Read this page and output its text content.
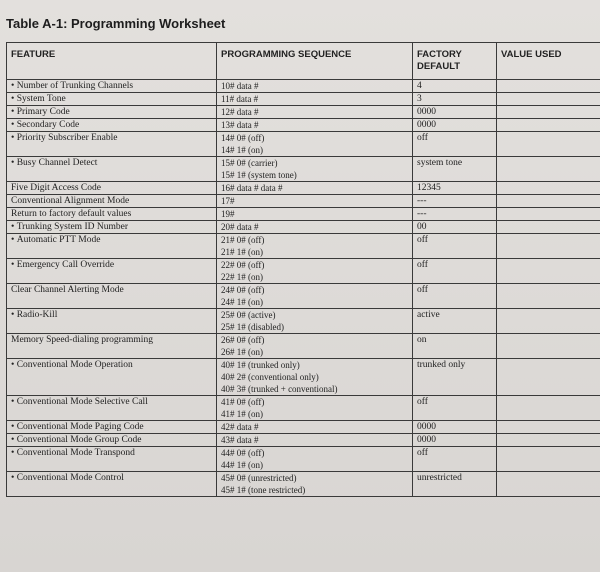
Table A-1: Programming Worksheet
FEATURE	PROGRAMMING SEQUENCE	FACTORY
DEFAULT	VALUE USED
• Number of Trunking Channels	10# data #	4	
• System Tone	11# data #	3	
• Primary Code	12# data #	0000	
• Secondary Code	13# data #	0000	
• Priority Subscriber Enable	14# 0# (off)
14# 1# (on)	off	
• Busy Channel Detect	15# 0# (carrier)
15# 1# (system tone)	system tone	
Five Digit Access Code	16# data # data #	12345	
Conventional Alignment Mode	17#	---	
Return to factory default values	19#	---	
• Trunking System ID Number	20# data #	00	
• Automatic PTT Mode	21# 0# (off)
21# 1# (on)	off	
• Emergency Call Override	22# 0# (off)
22# 1# (on)	off	
Clear Channel Alerting Mode	24# 0# (off)
24# 1# (on)	off	
• Radio-Kill	25# 0# (active)
25# 1# (disabled)	active	
Memory Speed-dialing programming	26# 0# (off)
26# 1# (on)	on	
• Conventional Mode Operation	40# 1# (trunked only)
40# 2# (conventional only)
40# 3# (trunked + conventional)	trunked only	
• Conventional Mode Selective Call	41# 0# (off)
41# 1# (on)	off	
• Conventional Mode Paging Code	42# data #	0000	
• Conventional Mode Group Code	43# data #	0000	
• Conventional Mode Transpond	44# 0# (off)
44# 1# (on)	off	
• Conventional Mode Control	45# 0# (unrestricted)
45# 1# (tone restricted)	unrestricted	
